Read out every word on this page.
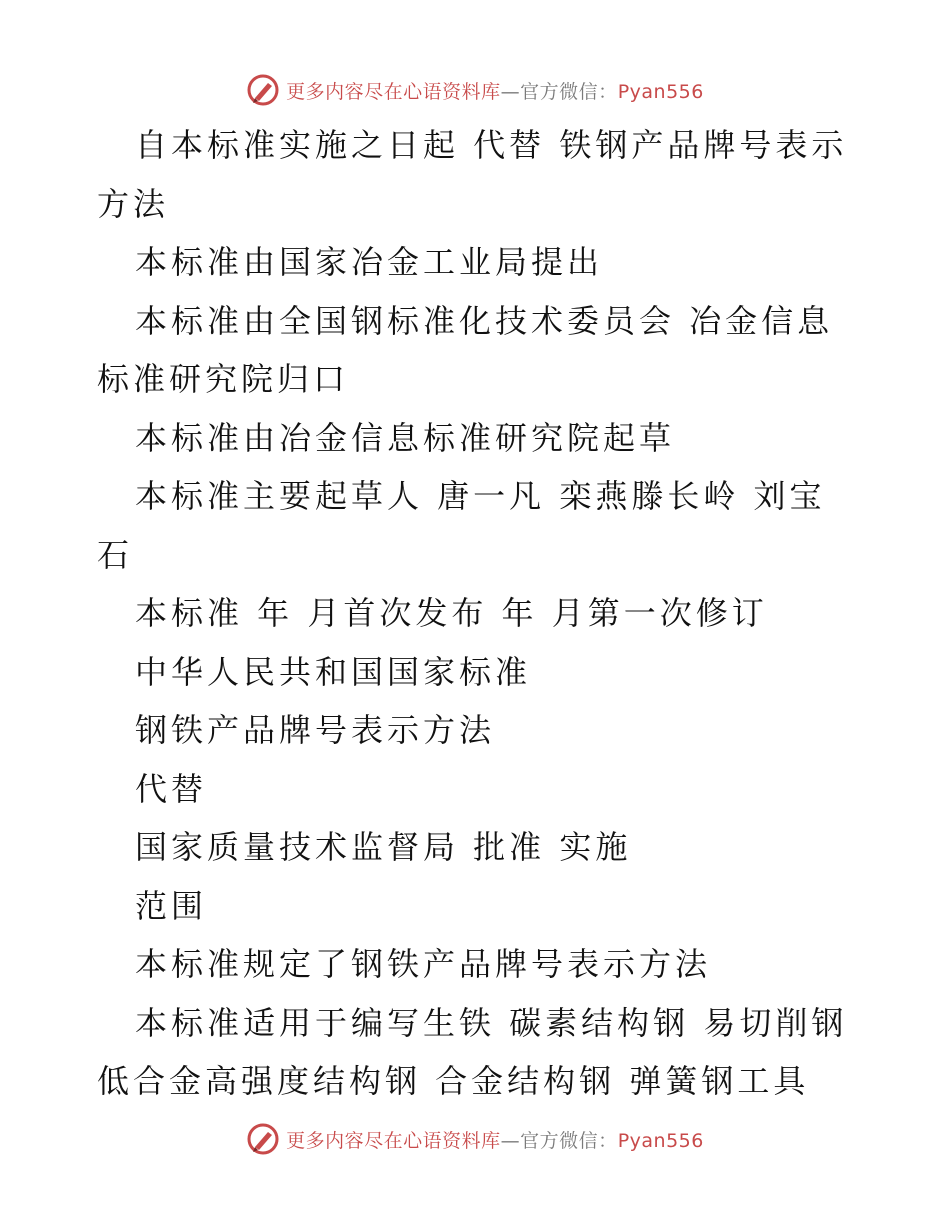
更多内容尽在心语资料库—官方微信：Pyan556

自本标准实施之日起 代替 铁钢产品牌号表示方法

本标准由国家冶金工业局提出

本标准由全国钢标准化技术委员会 冶金信息标准研究院归口

本标准由冶金信息标准研究院起草

本标准主要起草人 唐一凡 栾燕滕长岭 刘宝石

本标准 年 月首次发布 年 月第一次修订

中华人民共和国国家标准

钢铁产品牌号表示方法

代替

国家质量技术监督局 批准 实施

范围

本标准规定了钢铁产品牌号表示方法

本标准适用于编写生铁 碳素结构钢 易切削钢 低合金高强度结构钢 合金结构钢 弹簧钢工具

更多内容尽在心语资料库—官方微信：Pyan556
